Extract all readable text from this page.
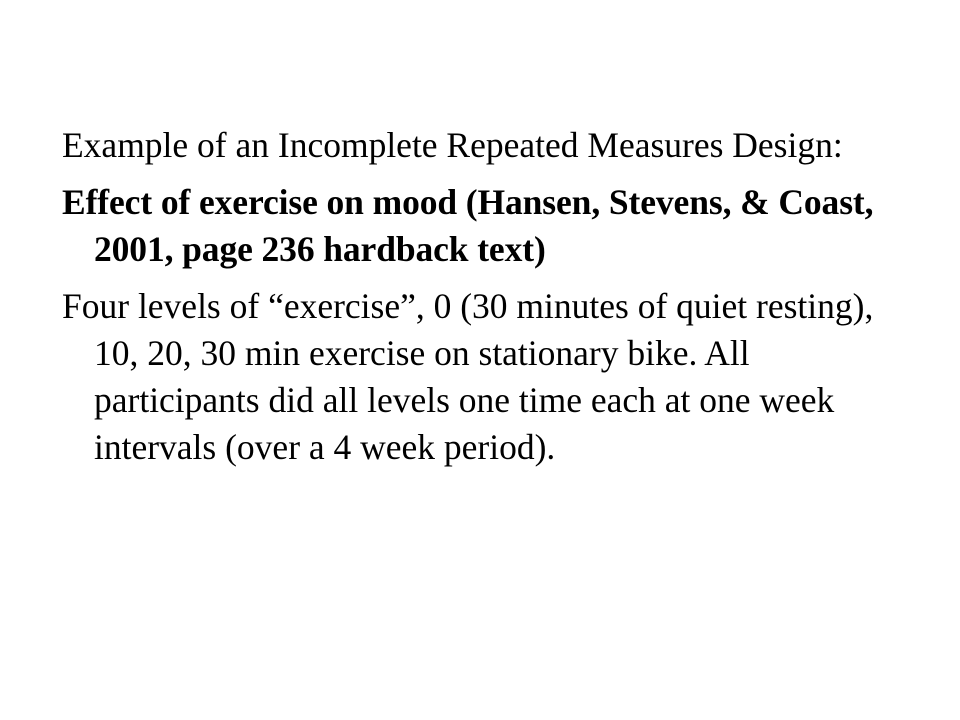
Example of an Incomplete Repeated Measures Design:

Effect of exercise on mood (Hansen, Stevens, & Coast, 2001, page 236 hardback text)

Four levels of “exercise”, 0 (30 minutes of quiet resting), 10, 20, 30 min exercise on stationary bike. All participants did all levels one time each at one week intervals (over a 4 week period).
